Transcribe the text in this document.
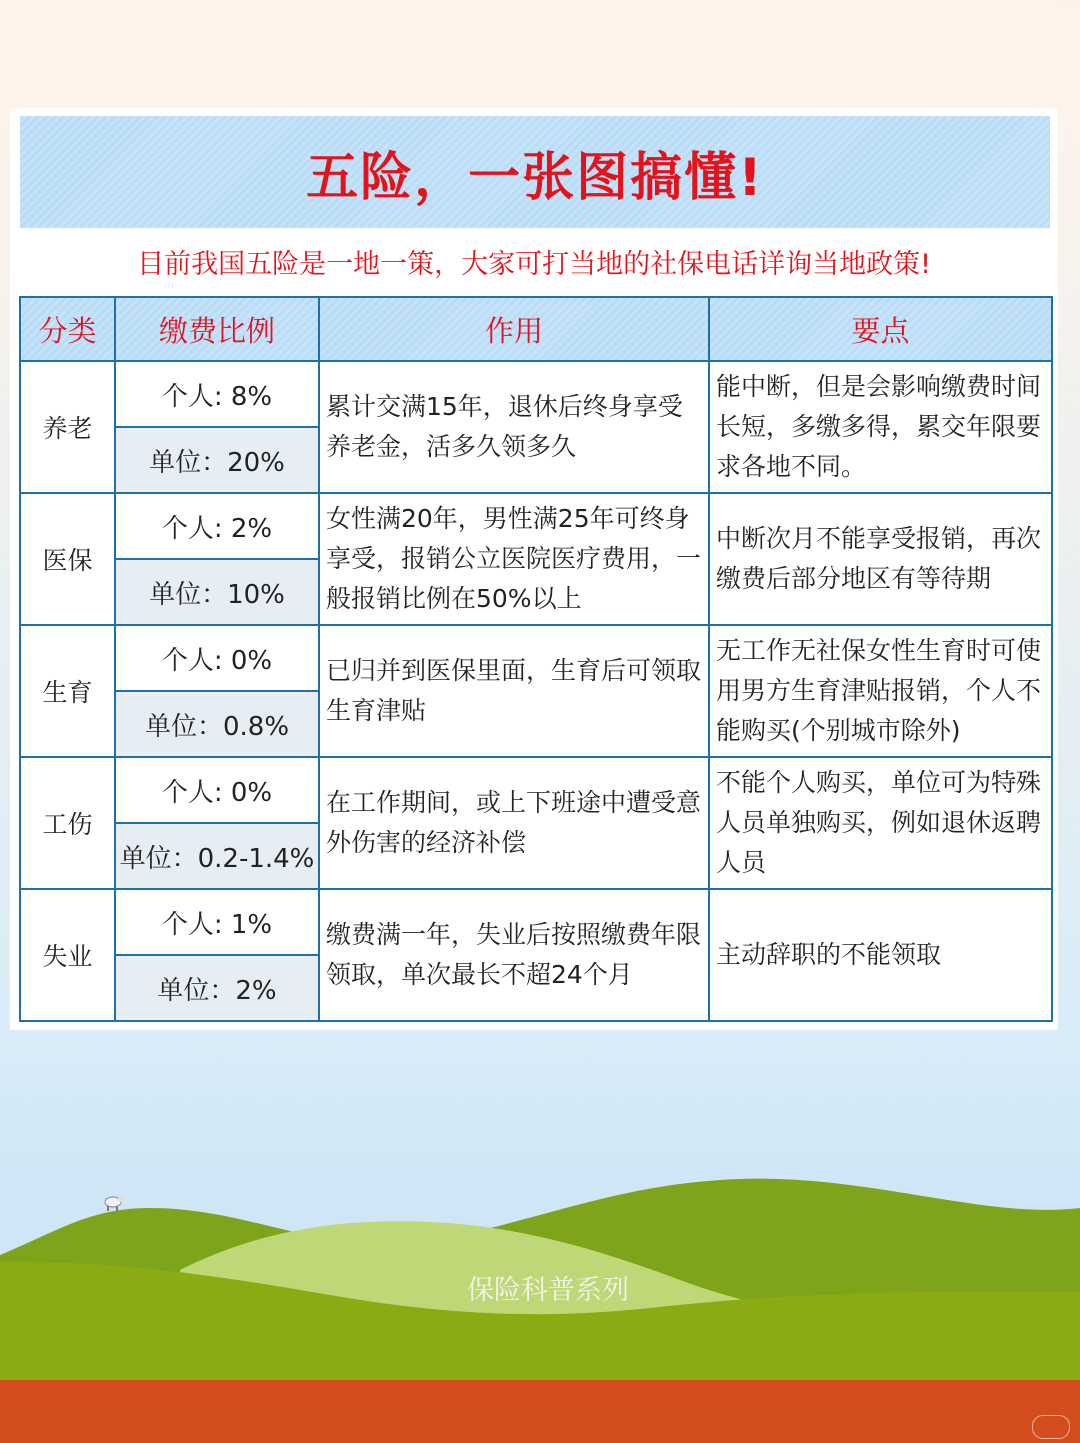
五险，一张图搞懂!
目前我国五险是一地一策，大家可打当地的社保电话详询当地政策!
分类	缴费比例	作用	要点
养老	个人: 8%	累计交满15年，退休后终身享受养老金，活多久领多久	能中断，但是会影响缴费时间长短，多缴多得，累交年限要求各地不同。
	单位：20%		
医保	个人: 2%	女性满20年，男性满25年可终身享受，报销公立医院医疗费用，一般报销比例在50%以上	中断次月不能享受报销，再次缴费后部分地区有等待期
	单位：10%		
生育	个人: 0%	已归并到医保里面，生育后可领取生育津贴	无工作无社保女性生育时可使用男方生育津贴报销，个人不能购买(个别城市除外)
	单位：0.8%		
工伤	个人: 0%	在工作期间，或上下班途中遭受意外伤害的经济补偿	不能个人购买，单位可为特殊人员单独购买，例如退休返聘人员
	单位：0.2-1.4%		
失业	个人: 1%	缴费满一年，失业后按照缴费年限领取，单次最长不超24个月	主动辞职的不能领取
	单位：2%		
保险科普系列
